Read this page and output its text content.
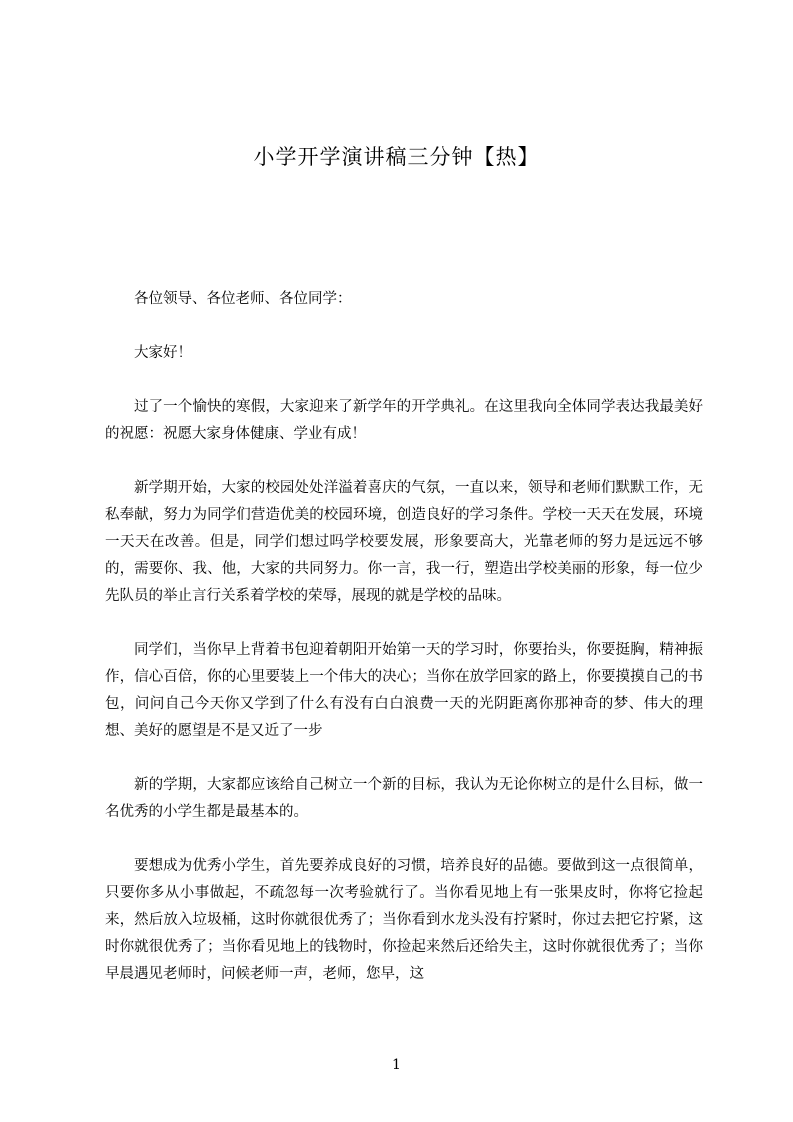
小学开学演讲稿三分钟【热】

各位领导、各位老师、各位同学：

大家好！

过了一个愉快的寒假，大家迎来了新学年的开学典礼。在这里我向全体同学表达我最美好的祝愿：祝愿大家身体健康、学业有成！

新学期开始，大家的校园处处洋溢着喜庆的气氛，一直以来，领导和老师们默默工作，无私奉献，努力为同学们营造优美的校园环境，创造良好的学习条件。学校一天天在发展，环境一天天在改善。但是，同学们想过吗学校要发展，形象要高大，光靠老师的努力是远远不够的，需要你、我、他，大家的共同努力。你一言，我一行，塑造出学校美丽的形象，每一位少先队员的举止言行关系着学校的荣辱，展现的就是学校的品味。

同学们，当你早上背着书包迎着朝阳开始第一天的学习时，你要抬头，你要挺胸，精神振作，信心百倍，你的心里要装上一个伟大的决心；当你在放学回家的路上，你要摸摸自己的书包，问问自己今天你又学到了什么有没有白白浪费一天的光阴距离你那神奇的梦、伟大的理想、美好的愿望是不是又近了一步

新的学期，大家都应该给自己树立一个新的目标，我认为无论你树立的是什么目标，做一名优秀的小学生都是最基本的。

要想成为优秀小学生，首先要养成良好的习惯，培养良好的品德。要做到这一点很简单，只要你多从小事做起，不疏忽每一次考验就行了。当你看见地上有一张果皮时，你将它捡起来，然后放入垃圾桶，这时你就很优秀了；当你看到水龙头没有拧紧时，你过去把它拧紧，这时你就很优秀了；当你看见地上的钱物时，你捡起来然后还给失主，这时你就很优秀了；当你早晨遇见老师时，问候老师一声，老师，您早，这

1
